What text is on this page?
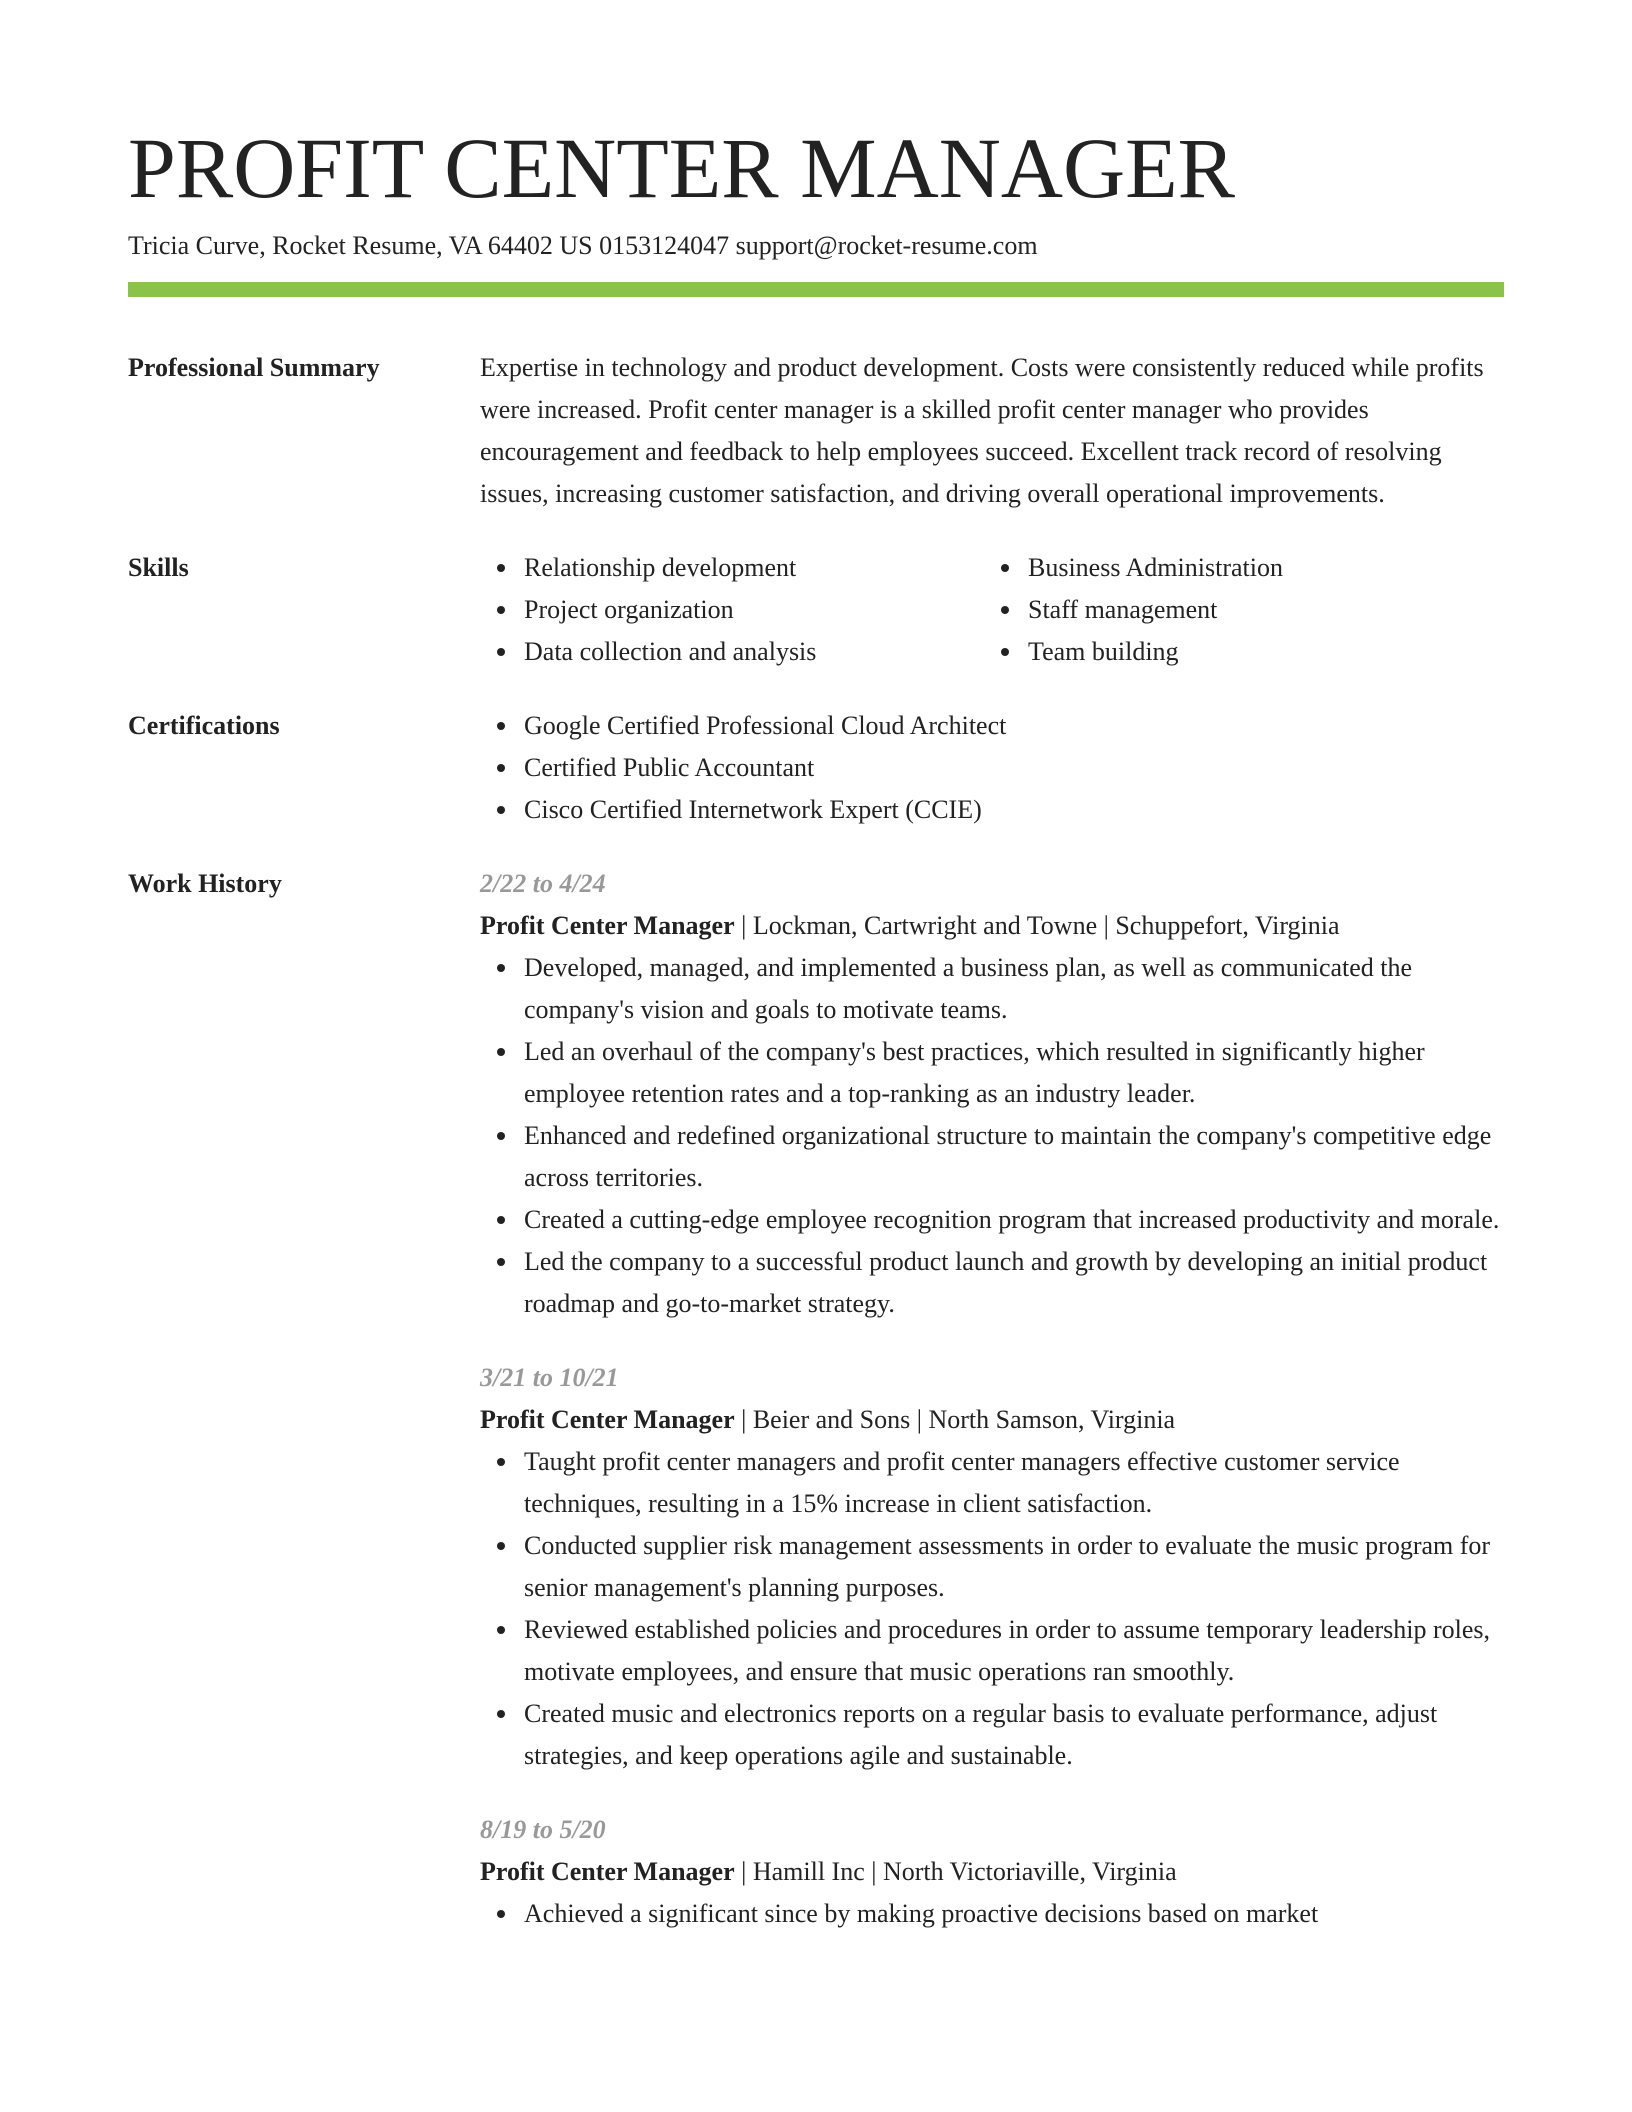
PROFIT CENTER MANAGER
Tricia Curve, Rocket Resume, VA 64402 US 0153124047 support@rocket-resume.com
Professional Summary	Expertise in technology and product development. Costs were consistently reduced while profits were increased. Profit center manager is a skilled profit center manager who provides encouragement and feedback to help employees succeed. Excellent track record of resolving issues, increasing customer satisfaction, and driving overall operational improvements.
Skills	Relationship development
Project organization
Data collection and analysis
Business Administration
Staff management
Team building
Certifications	Google Certified Professional Cloud Architect
Certified Public Accountant
Cisco Certified Internetwork Expert (CCIE)
Work History	2/22 to 4/24
Profit Center Manager | Lockman, Cartwright and Towne | Schuppefort, Virginia
Developed, managed, and implemented a business plan, as well as communicated the company's vision and goals to motivate teams.
Led an overhaul of the company's best practices, which resulted in significantly higher employee retention rates and a top-ranking as an industry leader.
Enhanced and redefined organizational structure to maintain the company's competitive edge across territories.
Created a cutting-edge employee recognition program that increased productivity and morale.
Led the company to a successful product launch and growth by developing an initial product roadmap and go-to-market strategy.
3/21 to 10/21
Profit Center Manager | Beier and Sons | North Samson, Virginia
Taught profit center managers and profit center managers effective customer service techniques, resulting in a 15% increase in client satisfaction.
Conducted supplier risk management assessments in order to evaluate the music program for senior management's planning purposes.
Reviewed established policies and procedures in order to assume temporary leadership roles, motivate employees, and ensure that music operations ran smoothly.
Created music and electronics reports on a regular basis to evaluate performance, adjust strategies, and keep operations agile and sustainable.
8/19 to 5/20
Profit Center Manager | Hamill Inc | North Victoriaville, Virginia
Achieved a significant since by making proactive decisions based on market
